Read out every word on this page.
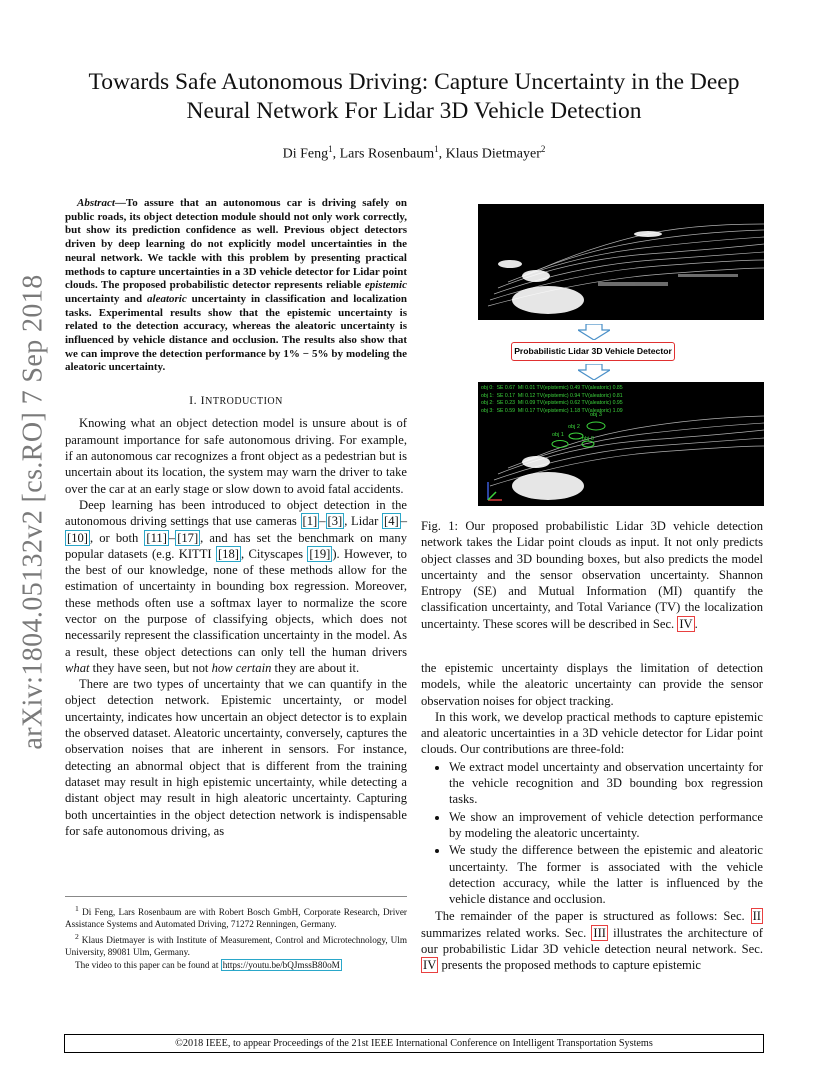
arXiv:1804.05132v2 [cs.RO] 7 Sep 2018
Towards Safe Autonomous Driving: Capture Uncertainty in the Deep Neural Network For Lidar 3D Vehicle Detection
Di Feng$^1$, Lars Rosenbaum$^1$, Klaus Dietmayer$^2$

Abstract—To assure that an autonomous car is driving safely on public roads, its object detection module should not only work correctly, but show its prediction confidence as well. Previous object detectors driven by deep learning do not explicitly model uncertainties in the neural network. We tackle with this problem by presenting practical methods to capture uncertainties in a 3D vehicle detector for Lidar point clouds. The proposed probabilistic detector represents reliable epistemic uncertainty and aleatoric uncertainty in classification and localization tasks. Experimental results show that the epistemic uncertainty is related to the detection accuracy, whereas the aleatoric uncertainty is influenced by vehicle distance and occlusion. The results also show that we can improve the detection performance by 1% − 5% by modeling the aleatoric uncertainty.

I. INTRODUCTION

Knowing what an object detection model is unsure about is of paramount importance for safe autonomous driving. For example, if an autonomous car recognizes a front object as a pedestrian but is uncertain about its location, the system may warn the driver to take over the car at an early stage or slow down to avoid fatal accidents.

Deep learning has been introduced to object detection in the autonomous driving settings that use cameras [1] – [3] , Lidar [4] –[10] , or both [11] – [17] , and has set the benchmark on many popular datasets (e.g. KITTI [18] , Cityscapes [19] ). However, to the best of our knowledge, none of these methods allow for the estimation of uncertainty in bounding box regression. Moreover, these methods often use a softmax layer to normalize the score vector on the purpose of classifying objects, which does not necessarily represent the classification uncertainty in the model. As a result, these object detections can only tell the human drivers what they have seen, but not how certain they are about it.

There are two types of uncertainty that we can quantify in the object detection network. Epistemic uncertainty, or model uncertainty, indicates how uncertain an object detector is to explain the observed dataset. Aleatoric uncertainty, conversely, captures the observation noises that are inherent in sensors. For instance, detecting an abnormal object that is different from the training dataset may result in high epistemic uncertainty, while detecting a distant object may result in high aleatoric uncertainty. Capturing both uncertainties in the object detection network is indispensable for safe autonomous driving, as

$^1$ Di Feng, Lars Rosenbaum are with Robert Bosch GmbH, Corporate Research, Driver Assistance Systems and Automated Driving, 71272 Renningen, Germany.

$^2$ Klaus Dietmayer is with Institute of Measurement, Control and Microtechnology, Ulm University, 89081 Ulm, Germany.

The video to this paper can be found at https://youtu.be/bQJmssB80oM

Probabilistic Lidar 3D Vehicle Detector
obj 0:  SE 0.67  MI 0.01 TV(epistemic) 0.49 TV(aleatoric) 0.85
obj 1:  SE 0.17  MI 0.12 TV(epistemic) 0.94 TV(aleatoric) 0.81
obj 2:  SE 0.23  MI 0.09 TV(epistemic) 0.62 TV(aleatoric) 0.95
obj 3:  SE 0.59  MI 0.17 TV(epistemic) 1.18 TV(aleatoric) 1.09
obj 3
obj 2
obj 1
obj 0
Fig. 1: Our proposed probabilistic Lidar 3D vehicle detection network takes the Lidar point clouds as input. It not only predicts object classes and 3D bounding boxes, but also predicts the model uncertainty and the sensor observation uncertainty. Shannon Entropy (SE) and Mutual Information (MI) quantify the classification uncertainty, and Total Variance (TV) the localization uncertainty. These scores will be described in Sec. IV .

the epistemic uncertainty displays the limitation of detection models, while the aleatoric uncertainty can provide the sensor observation noises for object tracking.

In this work, we develop practical methods to capture epistemic and aleatoric uncertainties in a 3D vehicle detector for Lidar point clouds. Our contributions are three-fold:

• We extract model uncertainty and observation uncertainty for the vehicle recognition and 3D bounding box regression tasks.
• We show an improvement of vehicle detection performance by modeling the aleatoric uncertainty.
• We study the difference between the epistemic and aleatoric uncertainty. The former is associated with the vehicle detection accuracy, while the latter is influenced by the vehicle distance and occlusion.

The remainder of the paper is structured as follows: Sec. II summarizes related works. Sec. III illustrates the architecture of our probabilistic Lidar 3D vehicle detection neural network. Sec. IV presents the proposed methods to capture epistemic

©2018 IEEE, to appear Proceedings of the 21st IEEE International Conference on Intelligent Transportation Systems
